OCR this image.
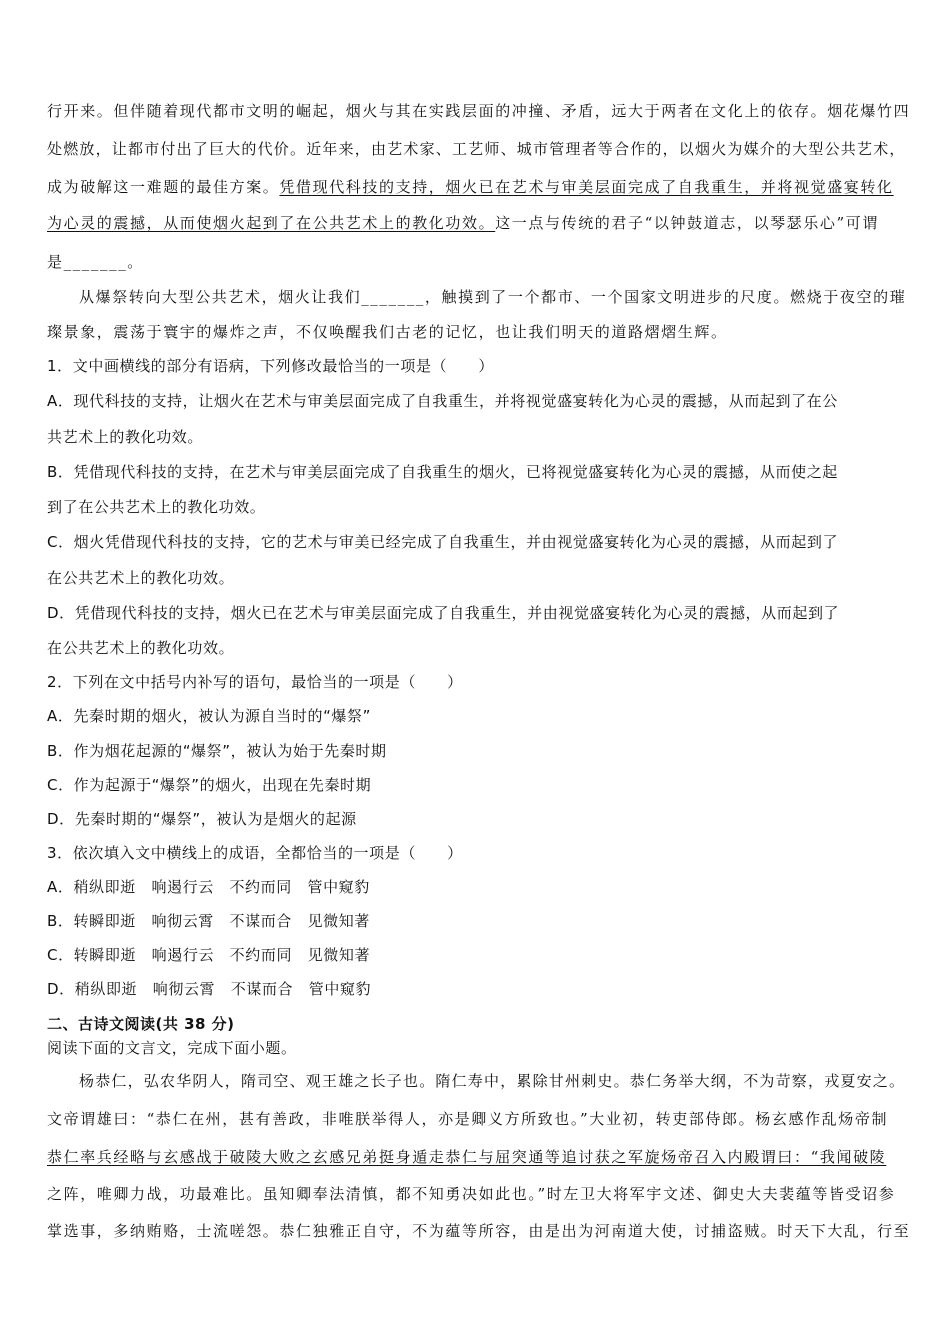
行开来。但伴随着现代都市文明的崛起，烟火与其在实践层面的冲撞、矛盾，远大于两者在文化上的依存。烟花爆竹四
处燃放，让都市付出了巨大的代价。近年来，由艺术家、工艺师、城市管理者等合作的，以烟火为媒介的大型公共艺术，
成为破解这一难题的最佳方案。凭借现代科技的支持，烟火已在艺术与审美层面完成了自我重生，并将视觉盛宴转化
为心灵的震撼，从而使烟火起到了在公共艺术上的教化功效。这一点与传统的君子“以钟鼓道志，以琴瑟乐心”可谓
是_______。
从爆祭转向大型公共艺术，烟火让我们_______，触摸到了一个都市、一个国家文明进步的尺度。燃烧于夜空的璀
璨景象，震荡于寰宇的爆炸之声，不仅唤醒我们古老的记忆，也让我们明天的道路熠熠生辉。
1．文中画横线的部分有语病，下列修改最恰当的一项是（　　）
A．现代科技的支持，让烟火在艺术与审美层面完成了自我重生，并将视觉盛宴转化为心灵的震撼，从而起到了在公
共艺术上的教化功效。
B．凭借现代科技的支持，在艺术与审美层面完成了自我重生的烟火，已将视觉盛宴转化为心灵的震撼，从而使之起
到了在公共艺术上的教化功效。
C．烟火凭借现代科技的支持，它的艺术与审美已经完成了自我重生，并由视觉盛宴转化为心灵的震撼，从而起到了
在公共艺术上的教化功效。
D．凭借现代科技的支持，烟火已在艺术与审美层面完成了自我重生，并由视觉盛宴转化为心灵的震撼，从而起到了
在公共艺术上的教化功效。
2．下列在文中括号内补写的语句，最恰当的一项是（　　）
A．先秦时期的烟火，被认为源自当时的“爆祭”
B．作为烟花起源的“爆祭”，被认为始于先秦时期
C．作为起源于“爆祭”的烟火，出现在先秦时期
D．先秦时期的“爆祭”，被认为是烟火的起源
3．依次填入文中横线上的成语，全都恰当的一项是（　　）
A．稍纵即逝　响遏行云　不约而同　管中窥豹
B．转瞬即逝　响彻云霄　不谋而合　见微知著
C．转瞬即逝　响遏行云　不约而同　见微知著
D．稍纵即逝　响彻云霄　不谋而合　管中窥豹
二、古诗文阅读(共 38 分)
阅读下面的文言文，完成下面小题。
杨恭仁，弘农华阴人，隋司空、观王雄之长子也。隋仁寿中，累除甘州刺史。恭仁务举大纲，不为苛察，戎夏安之。
文帝谓雄曰：“恭仁在州，甚有善政，非唯朕举得人，亦是卿义方所致也。”大业初，转吏部侍郎。杨玄感作乱炀帝制
恭仁率兵经略与玄感战于破陵大败之玄感兄弟挺身遁走恭仁与屈突通等追讨获之军旋炀帝召入内殿谓曰：“我闻破陵
之阵，唯卿力战，功最难比。虽知卿奉法清慎，都不知勇决如此也。”时左卫大将军宇文述、御史大夫裴蕴等皆受诏参
掌选事，多纳贿赂，士流嗟怨。恭仁独雅正自守，不为蕴等所容，由是出为河南道大使，讨捕盗贼。时天下大乱，行至
